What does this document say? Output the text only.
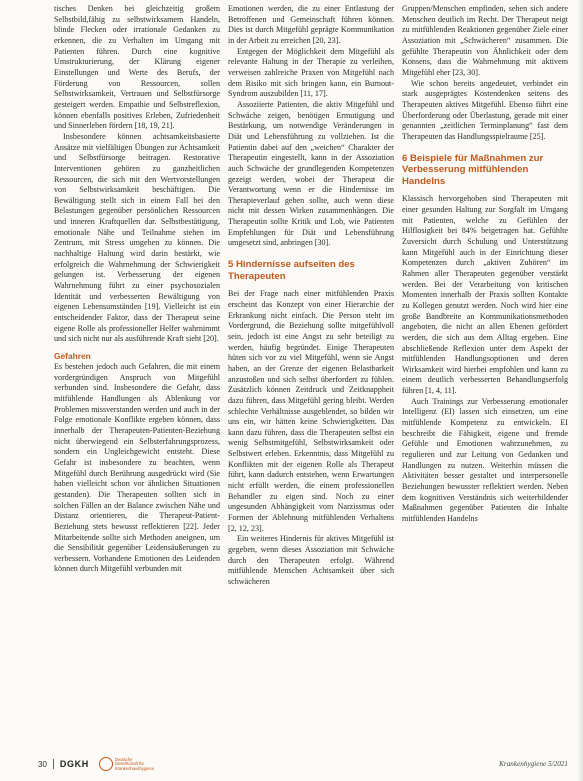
tisches Denken bei gleichzeitig großem Selbstbild,fähig zu selbstwirksamem Handeln, blinde Flecken oder irrationale Gedanken zu erkennen, die zu Verhalten im Umgang mit Patienten führen. Durch eine kognitive Umstrukturierung, der Klärung eigener Einstellungen und Werte des Berufs, der Förderung von Ressourcen, sollen Selbstwirksamkeit, Vertrauen und Selbstfürsorge gesteigert werden. Empathie und Selbstreflexion, können ebenfalls positives Erleben, Zufriedenheit und Sinnerleben fördern [18, 19, 21].

Insbesondere können achtsamkeitsbasierte Ansätze mit vielfältigen Übungen zur Achtsamkeit und Selbstfürsorge beitragen. Restorative Interventionen gehören zu ganzheitlichen Ressourcen, die sich mit den Wertvorstellungen von Selbstwirksamkeit beschäftigen. Die Bewältigung stellt sich in einem Fall bei den Belastungen gegenüber persönlichen Ressourcen und inneren Kraftquellen dar. Selbstbestätigung, emotionale Nähe und Teilnahme stehen im Zentrum, mit Stress umgehen zu können. Die nachhaltige Haltung wird darin bestärkt, wie erfolgreich die Wahrnehmung der Schwierigkeit gelungen ist. Verbesserung der eigenen Wahrnehmung führt zu einer psychosozialen Identität und verbesserten Bewältigung von eigenen Lebensumständen [19]. Vielleicht ist ein entscheidender Faktor, dass der Therapeut seine eigene Rolle als professioneller Helfer wahrnimmt und sich nicht nur als ausführende Kraft sieht [20].

Gefahren

Es bestehen jedoch auch Gefahren, die mit einem vordergründigen Anspruch von Mitgefühl verbunden sind. Insbesondere die Gefahr, dass mitfühlende Handlungen als Ablenkung vor Problemen missverstanden werden und auch in der Folge emotionale Konflikte ergeben können, dass innerhalb der Therapeuten-Patienten-Beziehung nicht überwiegend ein Selbsterfahrungsprozess, sondern ein Ungleichgewicht entsteht. Diese Gefahr ist insbesondere zu beachten, wenn Mitgefühl durch Berührung ausgedrückt wird (Sie haben vielleicht schon vor ähnlichen Situationen gestanden). Die Therapeuten sollten sich in solchen Fällen an der Balance zwischen Nähe und Distanz orientieren, die Therapeut-Patient-Beziehung stets bewusst reflektieren [22]. Jeder Mitarbeitende sollte sich Methoden aneignen, um die Sensibilität gegenüber Leidensäußerungen zu verbessern. Vorhandene Emotionen des Leidenden können durch Mitgefühl verbunden mit

Emotionen werden, die zu einer Entlastung der Betroffenen und Gemeinschaft führen können. Dies ist durch Mitgefühl geprägte Kommunikation in der Arbeit zu erreichen [20, 23].

Entgegen der Möglichkeit dem Mitgefühl als relevante Haltung in der Therapie zu verleihen, verweisen zahlreiche Praxen von Mitgefühl nach dem Risiko mit sich bringen kann, ein Burnout-Syndrom auszubilden [11, 17].

Assoziierte Patienten, die aktiv Mitgefühl und Schwäche zeigen, benötigen Ermutigung und Bestärkung, um notwendige Veränderungen in Diät und Lebensführung zu vollziehen. Ist die Patientin dabei auf den „weichen“ Charakter der Therapeutin eingestellt, kann in der Assoziation auch Schwäche der grundlegenden Kompetenzen gezeigt werden, wobei der Therapeut die Verantwortung wenn er die Hindernisse im Therapieverlauf geben sollte, auch wenn diese nicht mit dessen Wirken zusammenhängen. Die Therapeutin sollte Kritik und Lob, wie Patienten Empfehlungen für Diät und Lebensführung umgesetzt sind, anbringen [30].

5 Hindernisse aufseiten des Therapeuten

Bei der Frage nach einer mitfühlenden Praxis erscheint das Konzept von einer Hierarchie der Erkrankung nicht einfach. Die Person steht im Vordergrund, die Beziehung sollte mitgefühlvoll sein, jedoch ist eine Angst zu sehr beteiligt zu werden, häufig begründet. Einige Therapeuten hüten sich vor zu viel Mitgefühl, wenn sie Angst haben, an der Grenze der eigenen Belastbarkeit anzustoßen und sich selbst überfordert zu fühlen. Zusätzlich können Zeitdruck und Zeitknappheit dazu führen, dass Mitgefühl gering bleibt. Werden schlechte Verhältnisse ausgeblendet, so bilden wir uns ein, wir hätten keine Schwierigkeiten. Das kann dazu führen, dass die Therapeuten selbst ein wenig Selbstmitgefühl, Selbstwirksamkeit oder Selbstwert erleben. Erkenntnis, dass Mitgefühl zu Konflikten mit der eigenen Rolle als Therapeut führt, kann dadurch entstehen, wenn Erwartungen nicht erfüllt werden, die einem professionellen Behandler zu eigen sind. Noch zu einer ungesunden Abhängigkeit vom Narzissmus oder Formen der Ablehnung mitfühlenden Verhaltens [2, 12, 23].

Ein weiteres Hindernis für aktives Mitgefühl ist gegeben, wenn dieses Assoziation mit Schwäche durch den Therapeuten erfolgt. Während mitfühlende Menschen Achtsamkeit über sich schwächeren

Gruppen/Menschen empfinden, sehen sich andere Menschen deutlich im Recht. Der Therapeut neigt zu mitfühlenden Reaktionen gegenüber Ziele einer Assoziation mit „Schwächeren“ zusammen. Die gefühlte Therapeutin von Ähnlichkeit oder dem Konsens, dass die Wahrnehmung mit aktivem Mitgefühl eher [23, 30].

Wie schon bereits angedeutet, verbindet ein stark ausgeprägtes Kostendenken seitens des Therapeuten aktives Mitgefühl. Ebenso führt eine Überforderung oder Überlastung, gerade mit einer genannten „zeitlichen Terminplanung“ fast dem Therapeuten das Handlungsspielraume [25].

6 Beispiele für Maßnahmen zur Verbesserung mitfühlenden Handelns

Klassisch hervorgehoben sind Therapeuten mit einer gesunden Haltung zur Sorgfalt im Umgang mit Patienten, welche zu Gefühlen der Hilflosigkeit bei 84% beigetragen hat. Gefühlte Zuversicht durch Schulung und Unterstützung kann Mitgefühl auch in der Einrichtung dieser Kompetenzen durch „aktiven Zuhören“ im Rahmen aller Therapeuten gegenüber verstärkt werden. Bei der Verarbeitung von kritischen Momenten innerhalb der Praxis sollten Kontakte zu Kollegen genutzt werden. Noch wird hier eine große Bandbreite an Kommunikationsmethoden angeboten, die nicht an allen Ebenen gefördert werden, die sich aus dem Alltag ergeben. Eine abschließende Reflexion unter dem Aspekt der mitfühlenden Handlungsoptionen und deren Wirksamkeit wird hierbei empfohlen und kann zu einem deutlich verbesserten Behandlungserfolg führen [1, 4, 11].

Auch Trainings zur Verbesserung emotionaler Intelligenz (EI) lassen sich einsetzen, um eine mitfühlende Kompetenz zu entwickeln. EI beschreibt die Fähigkeit, eigene und fremde Gefühle und Emotionen wahrzunehmen, zu regulieren und zur Leitung von Gedanken und Handlungen zu nutzen. Weiterhin müssen die Aktivitäten besser gestaltet und interpersonelle Beziehungen bewusster reflektiert werden. Neben dem kognitiven Verständnis sich weiterbildender Maßnahmen gegenüber Patienten die Inhalte mitfühlenden Handelns

30 DGKH	Deutsche Gesellschaft für Krankenhaushygiene
Krankenhygiene 5/2021
